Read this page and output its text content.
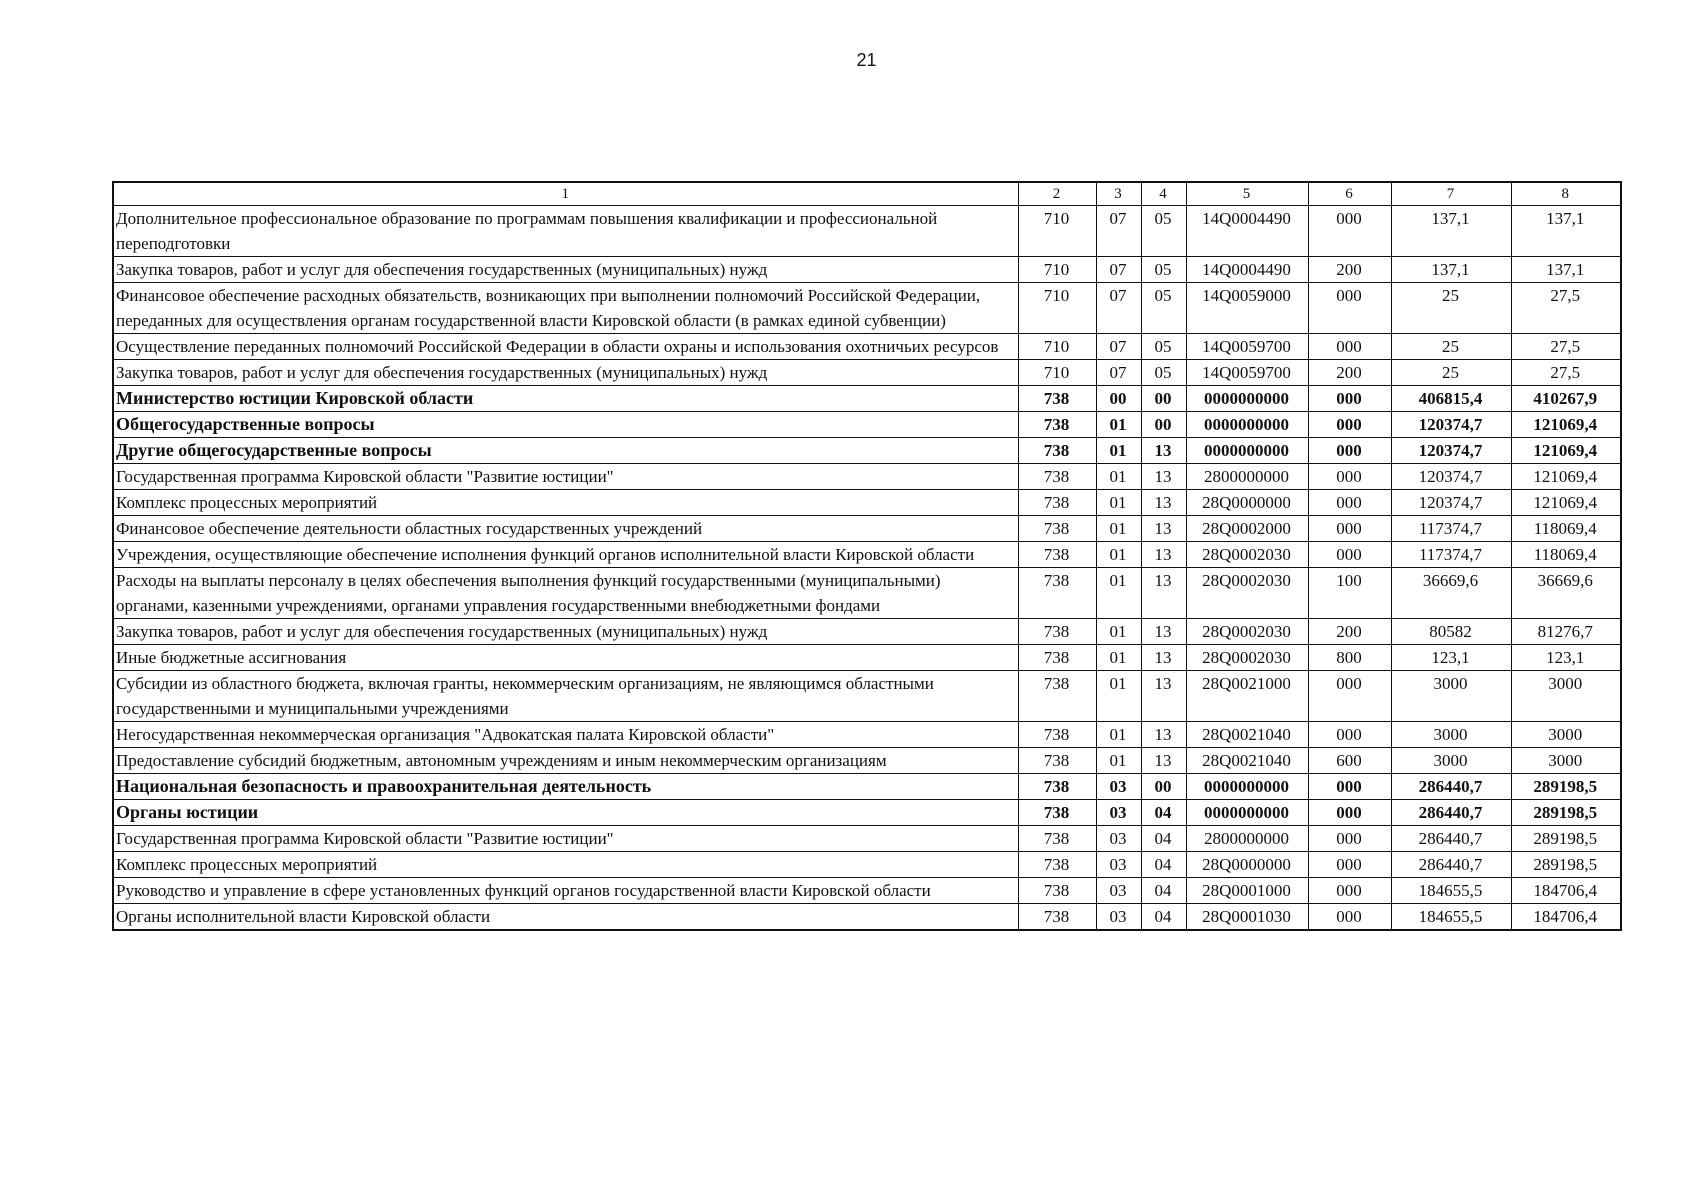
21
1	2	3	4	5	6	7	8
Дополнительное профессиональное образование по программам повышения квалификации и профессиональной переподготовки	710	07	05	14Q0004490	000	137,1	137,1
Закупка товаров, работ и услуг для обеспечения государственных (муниципальных) нужд	710	07	05	14Q0004490	200	137,1	137,1
Финансовое обеспечение расходных обязательств, возникающих при выполнении полномочий Российской Федерации, переданных для осуществления органам государственной власти Кировской области (в рамках единой субвенции)	710	07	05	14Q0059000	000	25	27,5
Осуществление переданных полномочий Российской Федерации в области охраны и использования охотничьих ресурсов	710	07	05	14Q0059700	000	25	27,5
Закупка товаров, работ и услуг для обеспечения государственных (муниципальных) нужд	710	07	05	14Q0059700	200	25	27,5
Министерство юстиции Кировской области	738	00	00	0000000000	000	406815,4	410267,9
Общегосударственные вопросы	738	01	00	0000000000	000	120374,7	121069,4
Другие общегосударственные вопросы	738	01	13	0000000000	000	120374,7	121069,4
Государственная программа Кировской области "Развитие юстиции"	738	01	13	2800000000	000	120374,7	121069,4
Комплекс процессных мероприятий	738	01	13	28Q0000000	000	120374,7	121069,4
Финансовое обеспечение деятельности областных государственных учреждений	738	01	13	28Q0002000	000	117374,7	118069,4
Учреждения, осуществляющие обеспечение исполнения функций органов исполнительной власти Кировской области	738	01	13	28Q0002030	000	117374,7	118069,4
Расходы на выплаты персоналу в целях обеспечения выполнения функций государственными (муниципальными) органами, казенными учреждениями, органами управления государственными внебюджетными фондами	738	01	13	28Q0002030	100	36669,6	36669,6
Закупка товаров, работ и услуг для обеспечения государственных (муниципальных) нужд	738	01	13	28Q0002030	200	80582	81276,7
Иные бюджетные ассигнования	738	01	13	28Q0002030	800	123,1	123,1
Субсидии из областного бюджета, включая гранты, некоммерческим организациям, не являющимся областными государственными и муниципальными учреждениями	738	01	13	28Q0021000	000	3000	3000
Негосударственная некоммерческая организация "Адвокатская палата Кировской области"	738	01	13	28Q0021040	000	3000	3000
Предоставление субсидий бюджетным, автономным учреждениям и иным некоммерческим организациям	738	01	13	28Q0021040	600	3000	3000
Национальная безопасность и правоохранительная деятельность	738	03	00	0000000000	000	286440,7	289198,5
Органы юстиции	738	03	04	0000000000	000	286440,7	289198,5
Государственная программа Кировской области "Развитие юстиции"	738	03	04	2800000000	000	286440,7	289198,5
Комплекс процессных мероприятий	738	03	04	28Q0000000	000	286440,7	289198,5
Руководство и управление в сфере установленных функций органов государственной власти Кировской области	738	03	04	28Q0001000	000	184655,5	184706,4
Органы исполнительной власти Кировской области	738	03	04	28Q0001030	000	184655,5	184706,4
